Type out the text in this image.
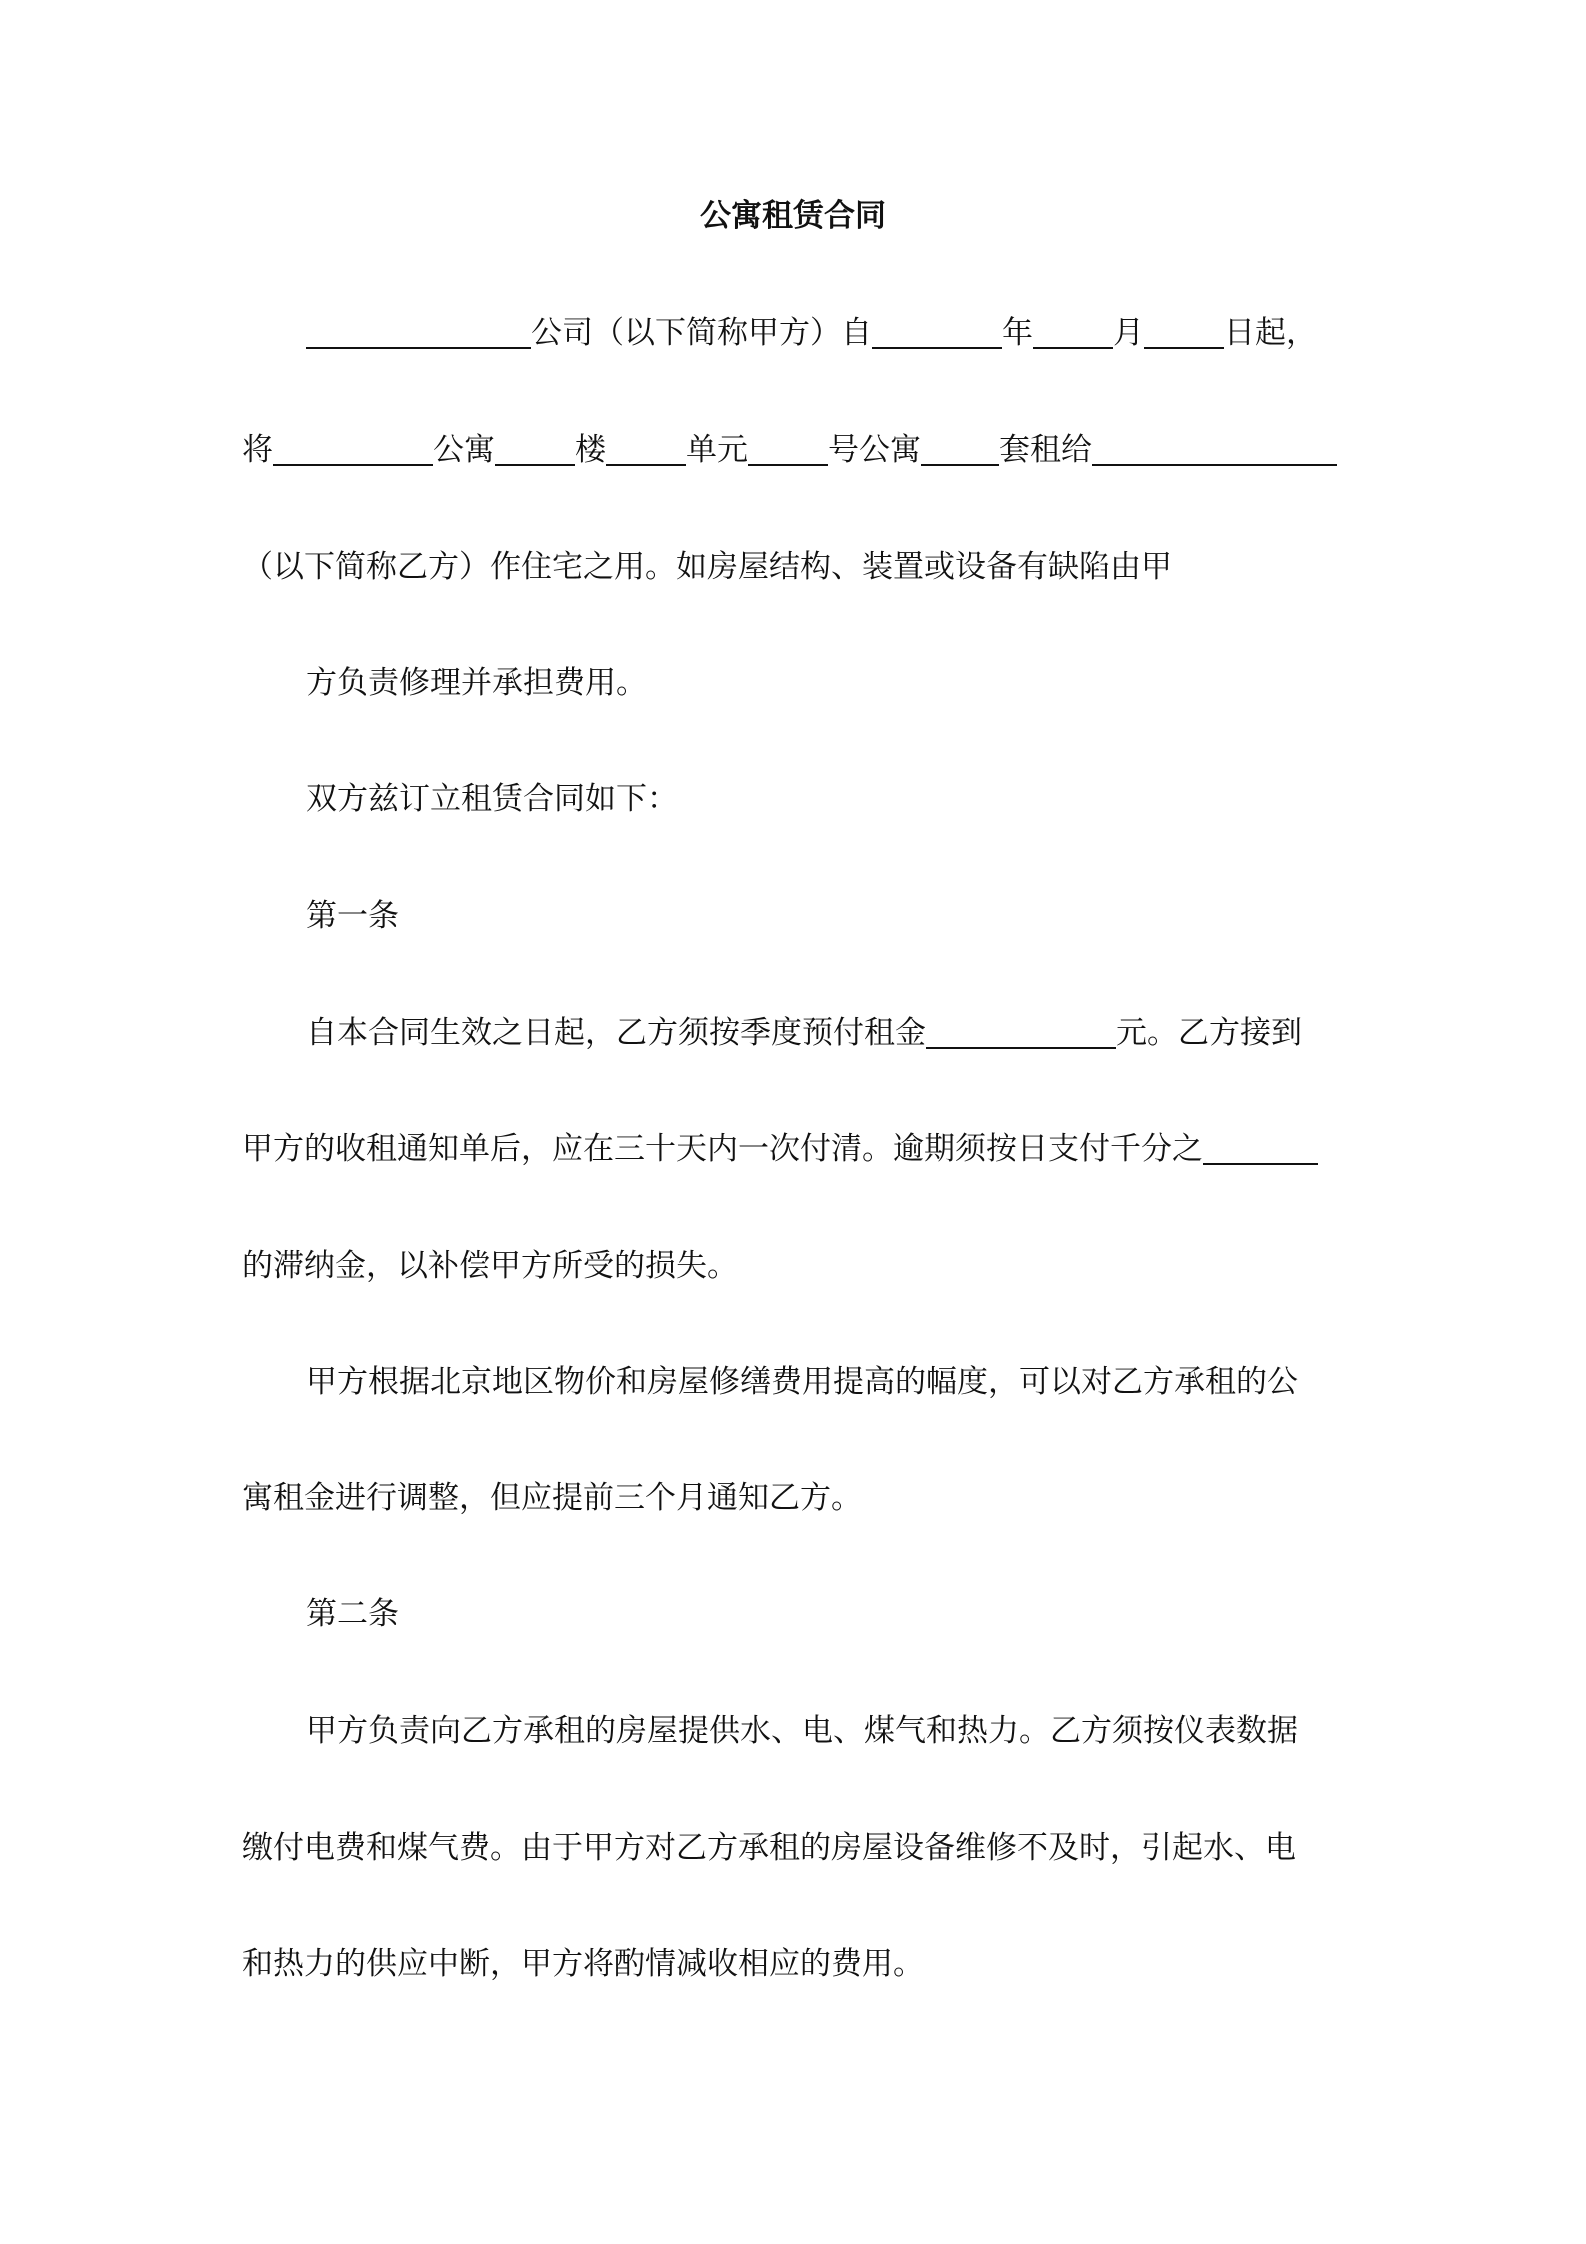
公寓租赁合同
公司（以下简称甲方）自	年	月	日起，
将	公寓	楼	单元	号公寓	套租给
（以下简称乙方）作住宅之用。如房屋结构、装置或设备有缺陷由甲
方负责修理并承担费用。
双方兹订立租赁合同如下：
第一条
自本合同生效之日起，乙方须按季度预付租金	元。乙方接到
甲方的收租通知单后，应在三十天内一次付清。逾期须按日支付千分之
的滞纳金，以补偿甲方所受的损失。
甲方根据北京地区物价和房屋修缮费用提高的幅度，可以对乙方承租的公
寓租金进行调整，但应提前三个月通知乙方。
第二条
甲方负责向乙方承租的房屋提供水、电、煤气和热力。乙方须按仪表数据
缴付电费和煤气费。由于甲方对乙方承租的房屋设备维修不及时，引起水、电
和热力的供应中断，甲方将酌情减收相应的费用。
